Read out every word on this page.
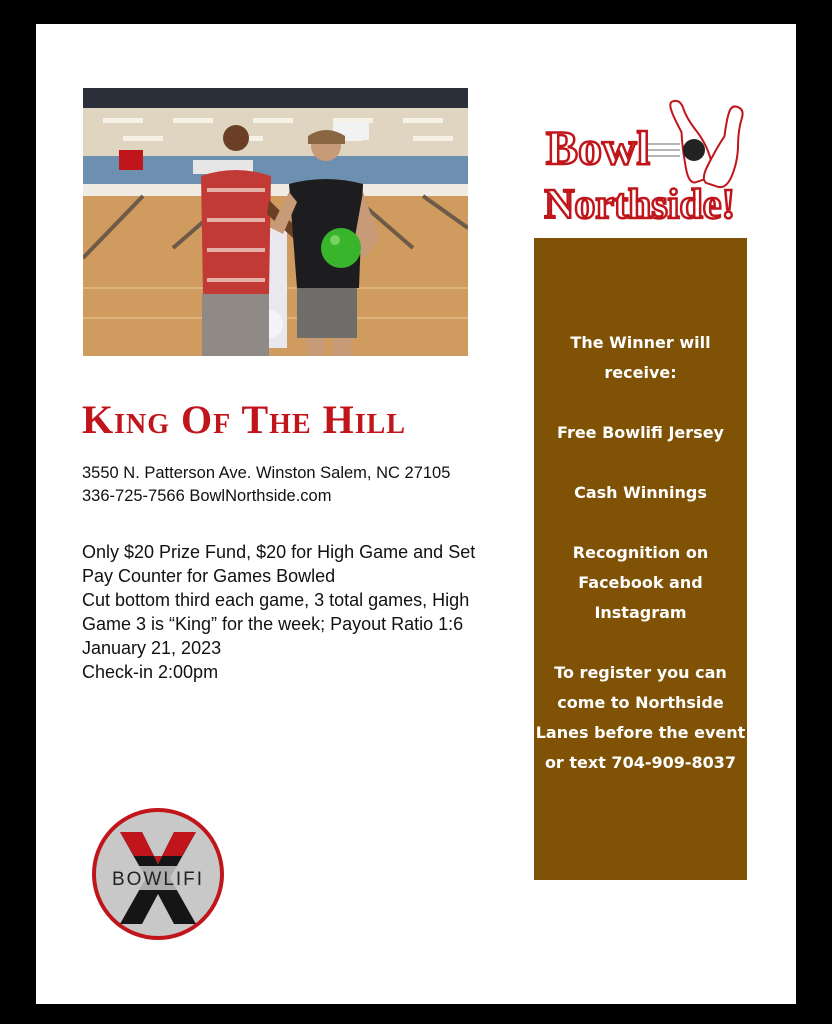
King Of The Hill
3550 N. Patterson Ave. Winston Salem, NC 27105
336-725-7566 BowlNorthside.com
Only $20 Prize Fund, $20 for High Game and Set
Pay Counter for Games Bowled
Cut bottom third each game, 3 total games, High Game 3 is “King” for the week; Payout Ratio 1:6
January 21, 2023
Check-in 2:00pm
BOWLIFI
Bowl
Northside!

The Winner will receive:

Free Bowlifi Jersey

Cash Winnings

Recognition on Facebook and Instagram

To register you can come to Northside Lanes before the event or text 704-909-8037
